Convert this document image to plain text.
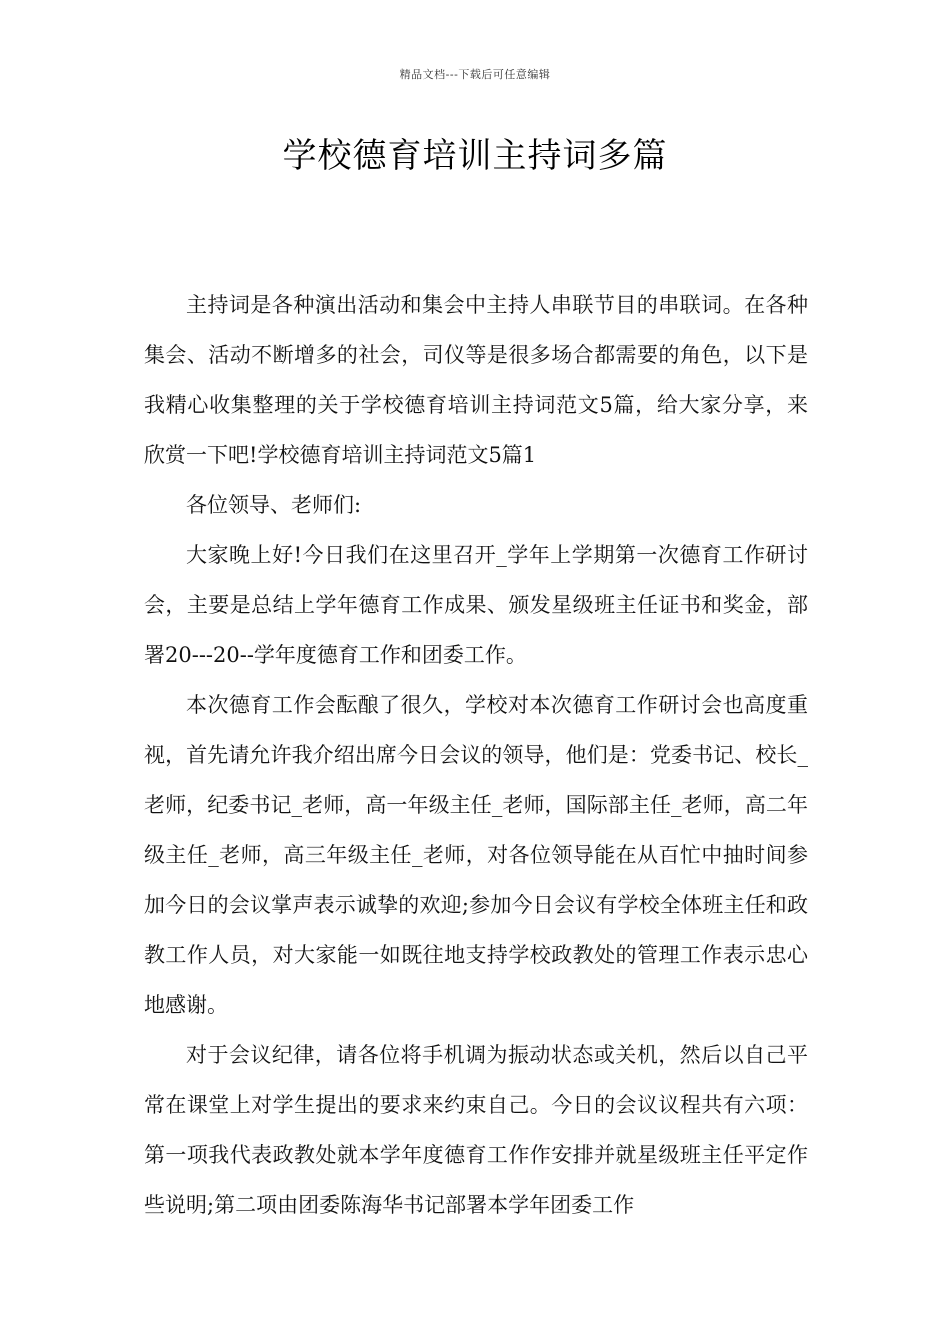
精品文档---下载后可任意编辑
学校德育培训主持词多篇

主持词是各种演出活动和集会中主持人串联节目的串联词。在各种集会、活动不断增多的社会，司仪等是很多场合都需要的角色，以下是我精心收集整理的关于学校德育培训主持词范文5篇，给大家分享，来欣赏一下吧!学校德育培训主持词范文5篇1

各位领导、老师们:

大家晚上好!今日我们在这里召开_学年上学期第一次德育工作研讨会，主要是总结上学年德育工作成果、颁发星级班主任证书和奖金，部署20---20--学年度德育工作和团委工作。

本次德育工作会酝酿了很久，学校对本次德育工作研讨会也高度重视，首先请允许我介绍出席今日会议的领导，他们是：党委书记、校长_老师，纪委书记_老师，高一年级主任_老师，国际部主任_老师，高二年级主任_老师，高三年级主任_老师，对各位领导能在从百忙中抽时间参加今日的会议掌声表示诚挚的欢迎;参加今日会议有学校全体班主任和政教工作人员，对大家能一如既往地支持学校政教处的管理工作表示忠心地感谢。

对于会议纪律，请各位将手机调为振动状态或关机，然后以自己平常在课堂上对学生提出的要求来约束自己。今日的会议议程共有六项：第一项我代表政教处就本学年度德育工作作安排并就星级班主任平定作些说明;第二项由团委陈海华书记部署本学年团委工作
